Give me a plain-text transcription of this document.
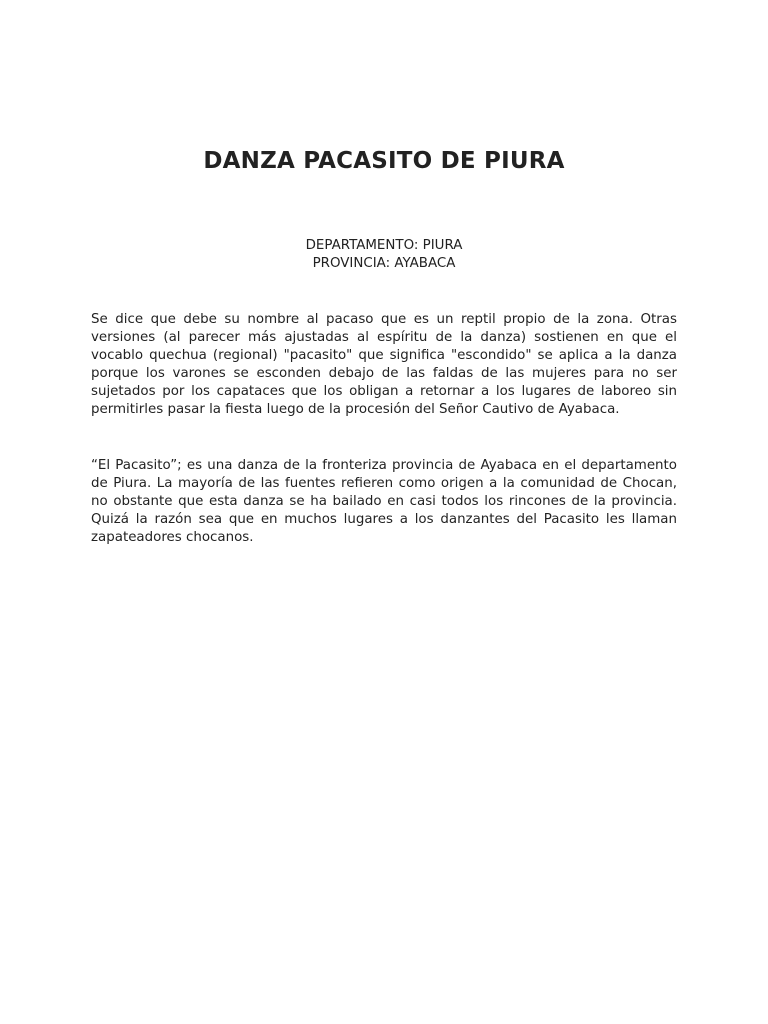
DANZA PACASITO DE PIURA
DEPARTAMENTO: PIURA
PROVINCIA: AYABACA

Se dice que debe su nombre al pacaso que es un reptil propio de la zona. Otras versiones (al parecer más ajustadas al espíritu de la danza) sostienen en que el vocablo quechua (regional) "pacasito" que significa "escondido" se aplica a la danza porque los varones se esconden debajo de las faldas de las mujeres para no ser sujetados por los capataces que los obligan a retornar a los lugares de laboreo sin permitirles pasar la fiesta luego de la procesión del Señor Cautivo de Ayabaca.

“El Pacasito”; es una danza de la fronteriza provincia de Ayabaca en el departamento de Piura. La mayoría de las fuentes refieren como origen a la comunidad de Chocan, no obstante que esta danza se ha bailado en casi todos los rincones de la provincia. Quizá la razón sea que en muchos lugares a los danzantes del Pacasito les llaman zapateadores chocanos.
